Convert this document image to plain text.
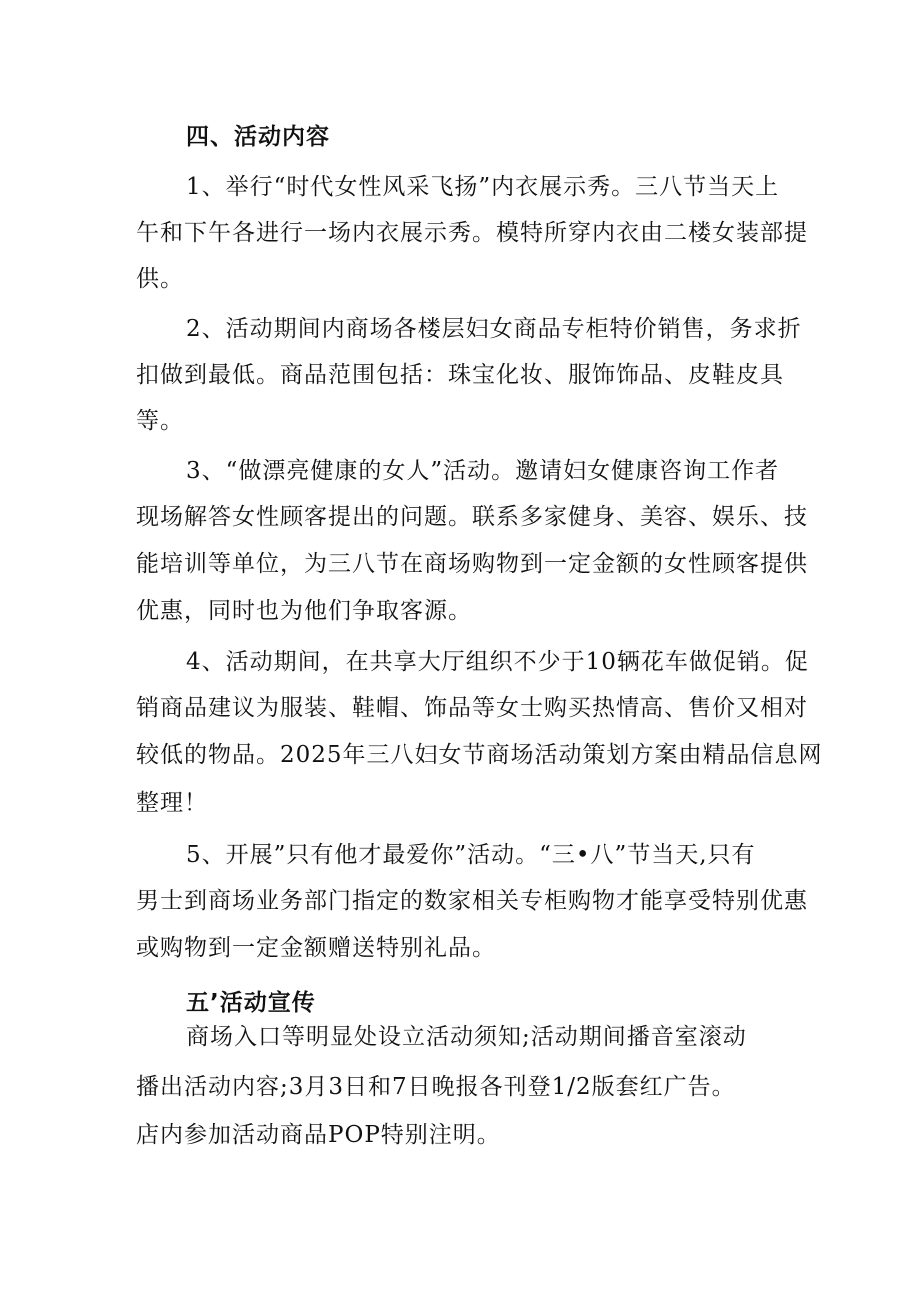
四、活动内容
1、举行“时代女性风采飞扬”内衣展示秀。三八节当天上
午和下午各进行一场内衣展示秀。模特所穿内衣由二楼女装部提
供。
2、活动期间内商场各楼层妇女商品专柜特价销售，务求折
扣做到最低。商品范围包括：珠宝化妆、服饰饰品、皮鞋皮具
等。
3、“做漂亮健康的女人”活动。邀请妇女健康咨询工作者
现场解答女性顾客提出的问题。联系多家健身、美容、娱乐、技
能培训等单位，为三八节在商场购物到一定金额的女性顾客提供
优惠，同时也为他们争取客源。
4、活动期间，在共享大厅组织不少于10辆花车做促销。促
销商品建议为服装、鞋帽、饰品等女士购买热情高、售价又相对
较低的物品。2025年三八妇女节商场活动策划方案由精品信息网
整理！
5、开展”只有他才最爱你”活动。“三•八”节当天,只有
男士到商场业务部门指定的数家相关专柜购物才能享受特别优惠
或购物到一定金额赠送特别礼品。
五’活动宣传
商场入口等明显处设立活动须知;活动期间播音室滚动
播出活动内容;3月3日和7日晚报各刊登1/2版套红广告。
店内参加活动商品POP特别注明。
